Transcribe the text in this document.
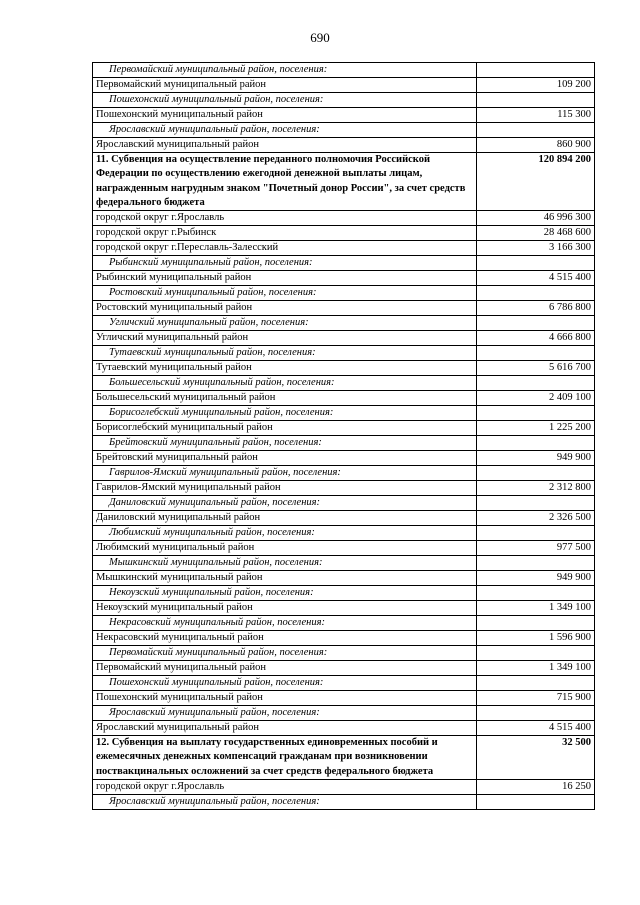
690
Первомайский муниципальный район, поселения:	
Первомайский муниципальный район	109 200
Пошехонский муниципальный район, поселения:	
Пошехонский муниципальный район	115 300
Ярославский муниципальный район, поселения:	
Ярославский муниципальный район	860 900
11. Субвенция на осуществление переданного полномочия Российской Федерации по осуществлению ежегодной денежной выплаты лицам, награжденным нагрудным знаком "Почетный донор России", за счет средств федерального бюджета	120 894 200
городской округ г.Ярославль	46 996 300
городской округ г.Рыбинск	28 468 600
городской округ г.Переславль-Залесский	3 166 300
Рыбинский муниципальный район, поселения:	
Рыбинский муниципальный район	4 515 400
Ростовский муниципальный район, поселения:	
Ростовский муниципальный район	6 786 800
Угличский муниципальный район, поселения:	
Угличский муниципальный район	4 666 800
Тутаевский муниципальный район, поселения:	
Тутаевский муниципальный район	5 616 700
Большесельский муниципальный район, поселения:	
Большесельский муниципальный район	2 409 100
Борисоглебский муниципальный район, поселения:	
Борисоглебский муниципальный район	1 225 200
Брейтовский муниципальный район, поселения:	
Брейтовский муниципальный район	949 900
Гаврилов-Ямский муниципальный район, поселения:	
Гаврилов-Ямский муниципальный район	2 312 800
Даниловский муниципальный район, поселения:	
Даниловский муниципальный район	2 326 500
Любимский муниципальный район, поселения:	
Любимский муниципальный район	977 500
Мышкинский муниципальный район, поселения:	
Мышкинский муниципальный район	949 900
Некоузский муниципальный район, поселения:	
Некоузский муниципальный район	1 349 100
Некрасовский муниципальный район, поселения:	
Некрасовский муниципальный район	1 596 900
Первомайский муниципальный район, поселения:	
Первомайский муниципальный район	1 349 100
Пошехонский муниципальный район, поселения:	
Пошехонский муниципальный район	715 900
Ярославский муниципальный район, поселения:	
Ярославский муниципальный район	4 515 400
12. Субвенция на выплату государственных единовременных пособий и ежемесячных денежных компенсаций гражданам при возникновении поствакцинальных осложнений за счет средств федерального бюджета	32 500
городской округ г.Ярославль	16 250
Ярославский муниципальный район, поселения:	
